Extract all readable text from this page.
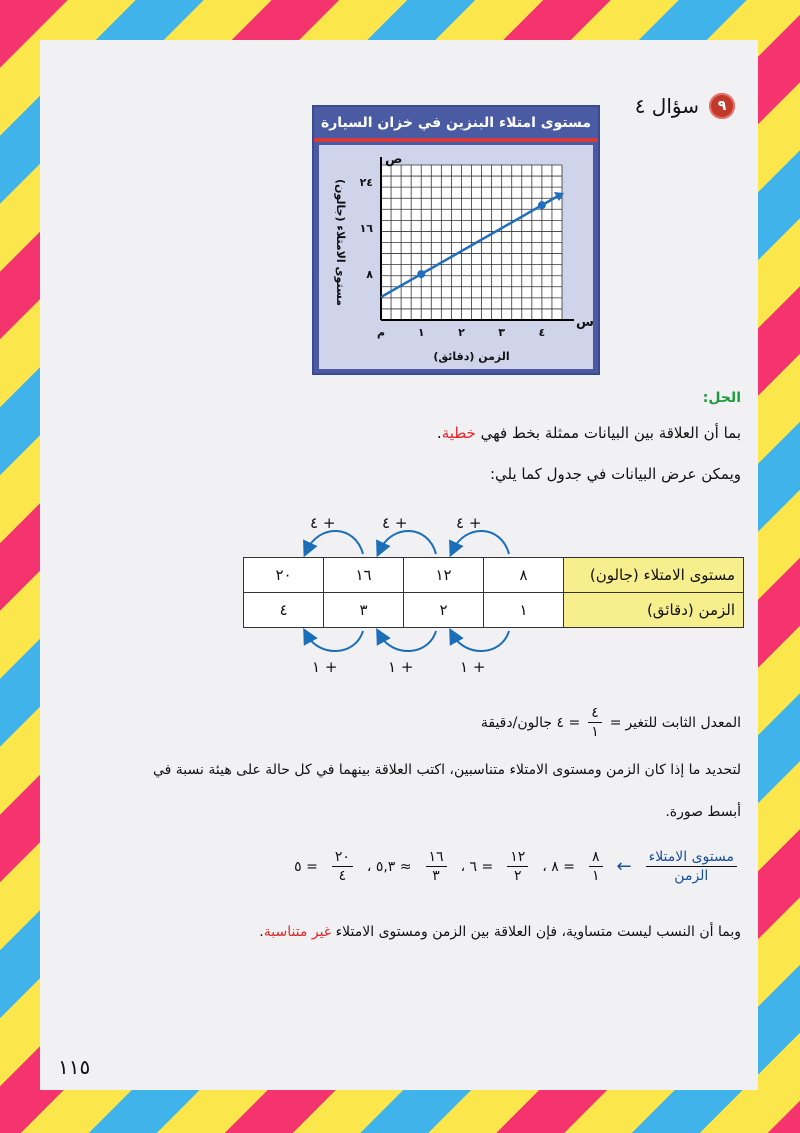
٩
سؤال ٤
مستوى امتلاء البنزين في خزان السيارة
م	١	٢	٣	٤
٨
١٦
٢٤
الزمن (دقائق)
مستوى الامتلاء (جالون)
س
ص
الحل:
بما أن العلاقة بين البيانات ممثلة بخط فهي خطية.
ويمكن عرض البيانات في جدول كما يلي:
+ ٤
+ ٤
+ ٤
مستوى الامتلاء (جالون)	٨	١٢	١٦	٢٠
الزمن (دقائق)	١	٢	٣	٤
+ ١
+ ١
+ ١
المعدل الثابت للتغير
=
$\frac{٤}{١}$
= ٤ جالون/دقيقة
لتحديد ما إذا كان الزمن ومستوى الامتلاء متناسبين، اكتب العلاقة بينهما في كل حالة على هيئة نسبة في
أبسط صورة.
$\frac{\text{مستوى الامتلاء}}{\text{الزمن}}$
←
$\frac{٨}{١}$
= ٨ ،
$\frac{١٢}{٢}$
= ٦ ،
$\frac{١٦}{٣}$
≈ ٥,٣ ،
$\frac{٢٠}{٤}$
= ٥
وبما أن النسب ليست متساوية، فإن العلاقة بين الزمن ومستوى الامتلاء غير متناسبة.
١١٥
